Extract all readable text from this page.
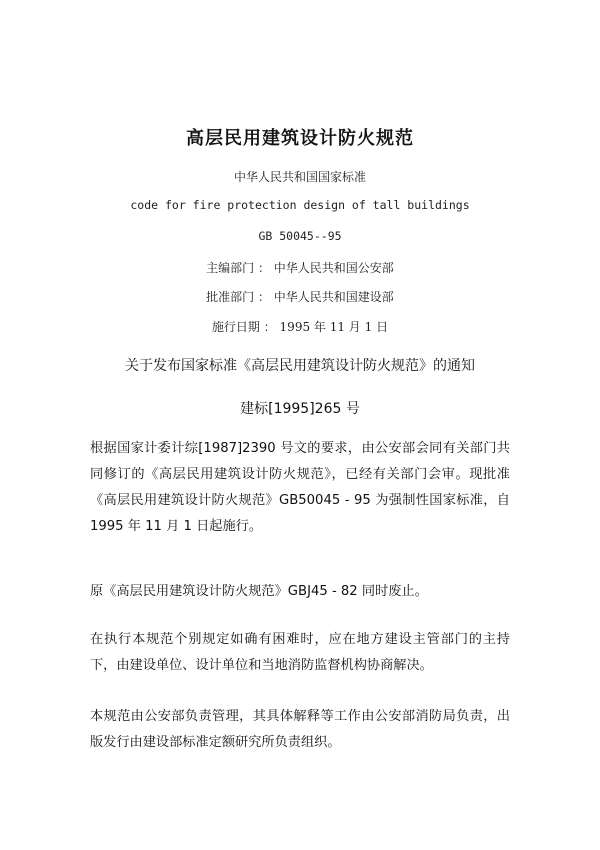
高层民用建筑设计防火规范
中华人民共和国国家标准
code for fire protection design of tall buildings
GB 50045--95
主编部门 ： 中华人民共和国公安部
批准部门 ： 中华人民共和国建设部
施行日期 ： 1995 年 11 月 1 日
关于发布国家标准《高层民用建筑设计防火规范》的通知
建标[1995]265 号

根据国家计委计综[1987]2390 号文的要求，由公安部会同有关部门共同修订的《高层民用建筑设计防火规范》，已经有关部门会审。现批准《高层民用建筑设计防火规范》GB50045 - 95 为强制性国家标准，自 1995 年 11 月 1 日起施行。

原《高层民用建筑设计防火规范》GBJ45 - 82 同时废止。

在执行本规范个别规定如确有困难时，应在地方建设主管部门的主持下，由建设单位、设计单位和当地消防监督机构协商解决。

本规范由公安部负责管理，其具体解释等工作由公安部消防局负责，出版发行由建设部标准定额研究所负责组织。
